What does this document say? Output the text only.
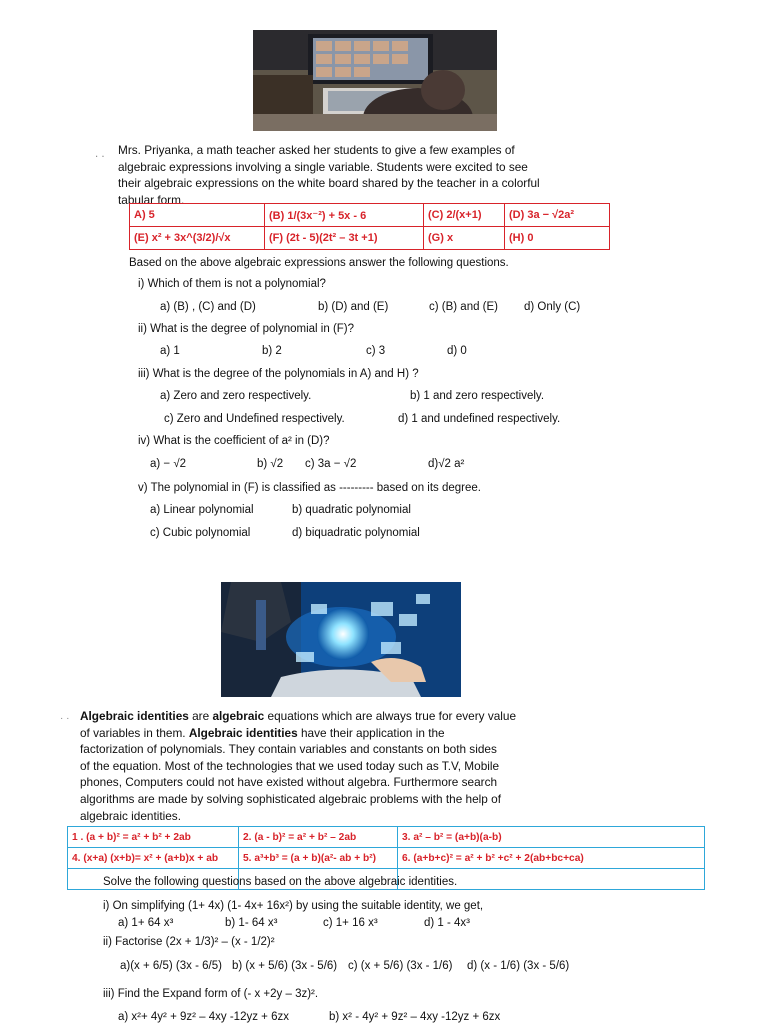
. . Mrs. Priyanka, a math teacher asked her students to give a few examples of
algebraic expressions involving a single variable. Students were excited to see
their algebraic expressions on the white board shared by the teacher in a colorful
tabular form.
A) 5	(B) 1/(3x⁻²) + 5x - 6	(C) 2/(x+1)	(D) 3a − √2a²
(E) x² + 3x^(3/2)/√x	(F) (2t - 5)(2t² – 3t +1)	(G) x	(H) 0
Based on the above algebraic expressions answer the following questions.
i) Which of them is not a polynomial?
a) (B) , (C) and (D)	b) (D) and (E)	c) (B) and (E) d) Only (C)
ii) What is the degree of polynomial in (F)?
a) 1	b) 2	c) 3	d) 0
iii) What is the degree of the polynomials in A) and H) ?
a) Zero and zero respectively.	b) 1 and zero respectively.
c) Zero and Undefined respectively.	d) 1 and undefined respectively.
iv) What is the coefficient of a² in (D)?
a) − √2	b) √2 c) 3a − √2	d)√2 a²
v) The polynomial in (F) is classified as --------- based on its degree.
a) Linear polynomial	b) quadratic polynomial
c) Cubic polynomial	d) biquadratic polynomial
· · Algebraic identities are algebraic equations which are always true for every value
of variables in them. Algebraic identities have their application in the
factorization of polynomials. They contain variables and constants on both sides
of the equation. Most of the technologies that we used today such as T.V, Mobile
phones, Computers could not have existed without algebra. Furthermore search
algorithms are made by solving sophisticated algebraic problems with the help of
algebraic identities.
1 . (a + b)² = a² + b² + 2ab	2. (a - b)² = a² + b² – 2ab	3. a² – b² = (a+b)(a-b)
4. (x+a) (x+b)= x² + (a+b)x + ab	5. a³+b³ = (a + b)(a²- ab + b²)	6. (a+b+c)² = a² + b² +c² + 2(ab+bc+ca)

Solve the following questions based on the above algebraic identities.
i) On simplifying (1+ 4x) (1- 4x+ 16x²) by using the suitable identity, we get,
a) 1+ 64 x³	b) 1- 64 x³	c) 1+ 16 x³	d) 1 - 4x³
ii) Factorise (2x + 1/3)² – (x - 1/2)²
a)(x + 6/5) (3x - 6/5) b) (x + 5/6) (3x - 5/6) c) (x + 5/6) (3x - 1/6) d) (x - 1/6) (3x - 5/6)
iii) Find the Expand form of (- x +2y – 3z)².
a) x²+ 4y² + 9z² – 4xy -12yz + 6zx	b) x² - 4y² + 9z² – 4xy -12yz + 6zx
